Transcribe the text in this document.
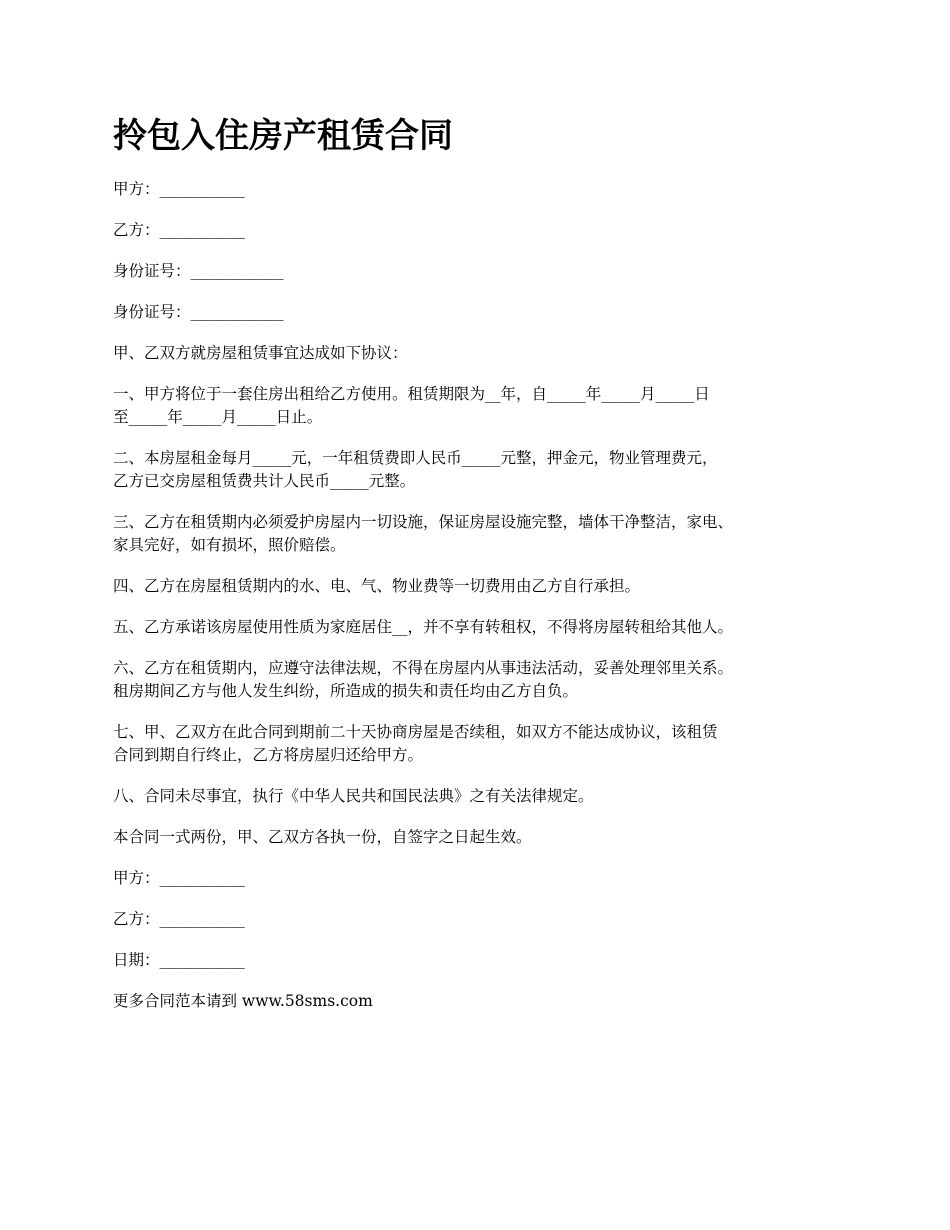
拎包入住房产租赁合同

甲方：___________

乙方：___________

身份证号：____________

身份证号：____________

甲、乙双方就房屋租赁事宜达成如下协议：

一、甲方将位于一套住房出租给乙方使用。租赁期限为__年，自_____年_____月_____日
至_____年_____月_____日止。

二、本房屋租金每月_____元，一年租赁费即人民币_____元整，押金元，物业管理费元，
乙方已交房屋租赁费共计人民币_____元整。

三、乙方在租赁期内必须爱护房屋内一切设施，保证房屋设施完整，墙体干净整洁，家电、
家具完好，如有损坏，照价赔偿。

四、乙方在房屋租赁期内的水、电、气、物业费等一切费用由乙方自行承担。

五、乙方承诺该房屋使用性质为家庭居住__，并不享有转租权，不得将房屋转租给其他人。

六、乙方在租赁期内，应遵守法律法规，不得在房屋内从事违法活动，妥善处理邻里关系。
租房期间乙方与他人发生纠纷，所造成的损失和责任均由乙方自负。

七、甲、乙双方在此合同到期前二十天协商房屋是否续租，如双方不能达成协议，该租赁
合同到期自行终止，乙方将房屋归还给甲方。

八、合同未尽事宜，执行《中华人民共和国民法典》之有关法律规定。

本合同一式两份，甲、乙双方各执一份，自签字之日起生效。

甲方：___________

乙方：___________

日期：___________

更多合同范本请到 www.58sms.com
